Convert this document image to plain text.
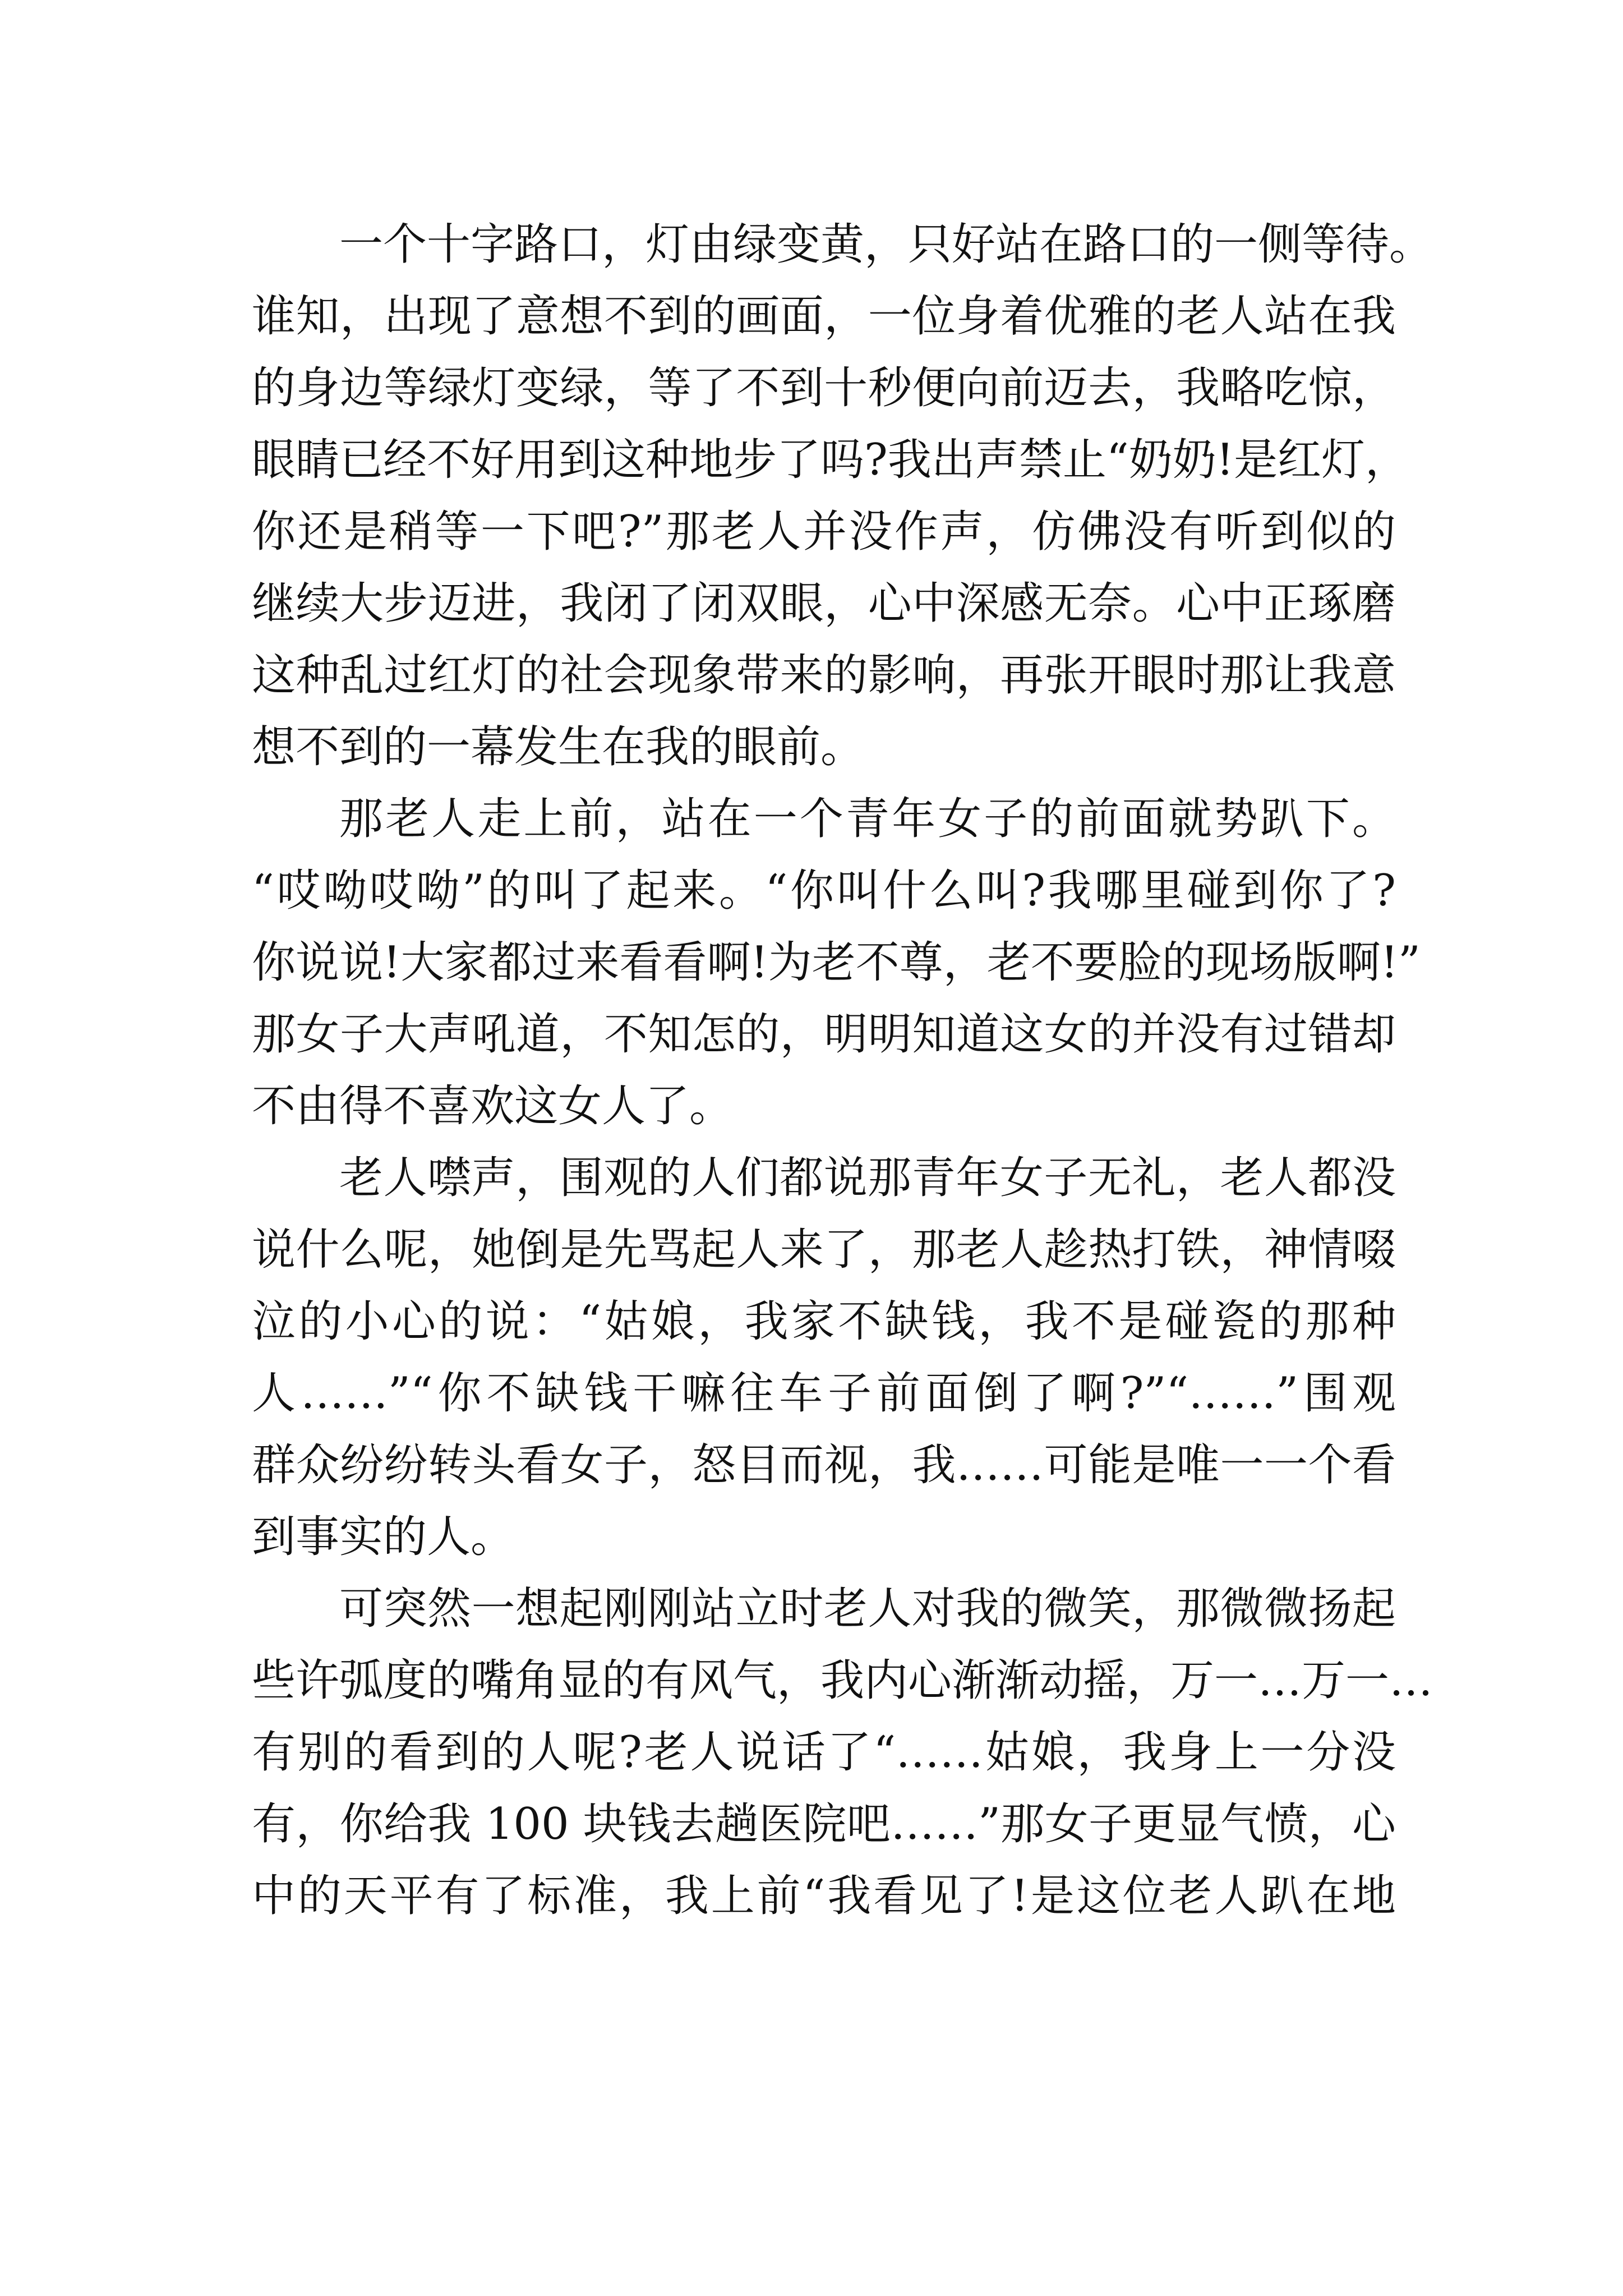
一个十字路口，灯由绿变黄，只好站在路口的一侧等待。
谁知，出现了意想不到的画面，一位身着优雅的老人站在我
的身边等绿灯变绿，等了不到十秒便向前迈去，我略吃惊，
眼睛已经不好用到这种地步了吗?我出声禁止“奶奶!是红灯，
你还是稍等一下吧?”那老人并没作声，仿佛没有听到似的
继续大步迈进，我闭了闭双眼，心中深感无奈。心中正琢磨
这种乱过红灯的社会现象带来的影响，再张开眼时那让我意
想不到的一幕发生在我的眼前。
那老人走上前，站在一个青年女子的前面就势趴下。
“哎呦哎呦”的叫了起来。“你叫什么叫?我哪里碰到你了?
你说说!大家都过来看看啊!为老不尊，老不要脸的现场版啊!”
那女子大声吼道，不知怎的，明明知道这女的并没有过错却
不由得不喜欢这女人了。
老人噤声，围观的人们都说那青年女子无礼，老人都没
说什么呢，她倒是先骂起人来了，那老人趁热打铁，神情啜
泣的小心的说：“姑娘，我家不缺钱，我不是碰瓷的那种
人……”“你不缺钱干嘛往车子前面倒了啊?”“……”围观
群众纷纷转头看女子，怒目而视，我……可能是唯一一个看
到事实的人。
可突然一想起刚刚站立时老人对我的微笑，那微微扬起
些许弧度的嘴角显的有风气，我内心渐渐动摇，万一…万一…
有别的看到的人呢?老人说话了“……姑娘，我身上一分没
有，你给我 100 块钱去趟医院吧……”那女子更显气愤，心
中的天平有了标准，我上前“我看见了!是这位老人趴在地
